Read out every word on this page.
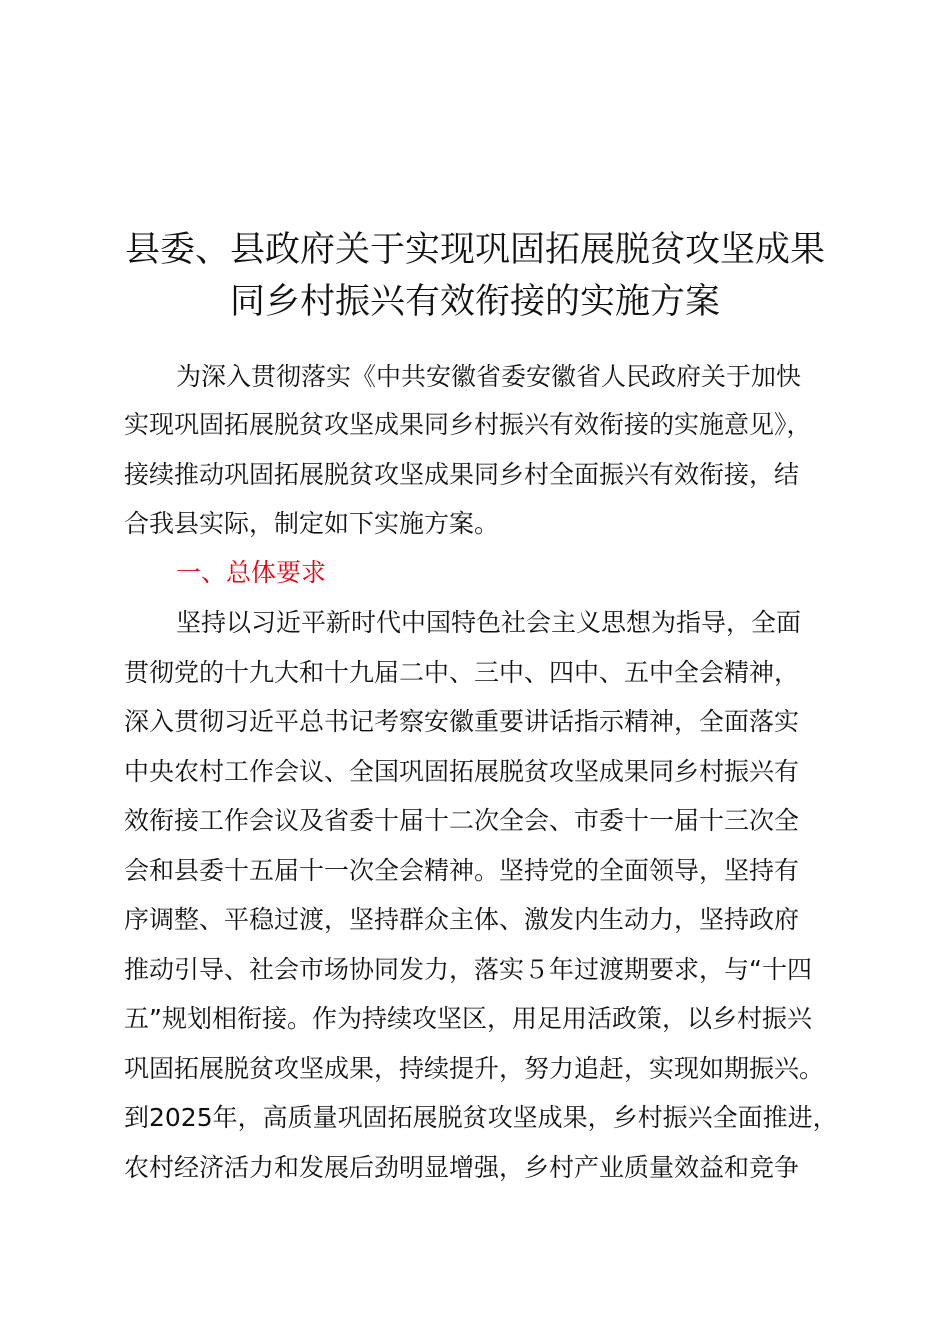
县委、县政府关于实现巩固拓展脱贫攻坚成果
同乡村振兴有效衔接的实施方案
为深入贯彻落实《中共安徽省委安徽省人民政府关于加快
实现巩固拓展脱贫攻坚成果同乡村振兴有效衔接的实施意见》，
接续推动巩固拓展脱贫攻坚成果同乡村全面振兴有效衔接，结
合我县实际，制定如下实施方案。
一、总体要求
坚持以习近平新时代中国特色社会主义思想为指导，全面
贯彻党的十九大和十九届二中、三中、四中、五中全会精神，
深入贯彻习近平总书记考察安徽重要讲话指示精神，全面落实
中央农村工作会议、全国巩固拓展脱贫攻坚成果同乡村振兴有
效衔接工作会议及省委十届十二次全会、市委十一届十三次全
会和县委十五届十一次全会精神。坚持党的全面领导，坚持有
序调整、平稳过渡，坚持群众主体、激发内生动力，坚持政府
推动引导、社会市场协同发力，落实５年过渡期要求，与“十四
五”规划相衔接。作为持续攻坚区，用足用活政策，以乡村振兴
巩固拓展脱贫攻坚成果，持续提升，努力追赶，实现如期振兴。
到2025年，高质量巩固拓展脱贫攻坚成果，乡村振兴全面推进，
农村经济活力和发展后劲明显增强，乡村产业质量效益和竞争
